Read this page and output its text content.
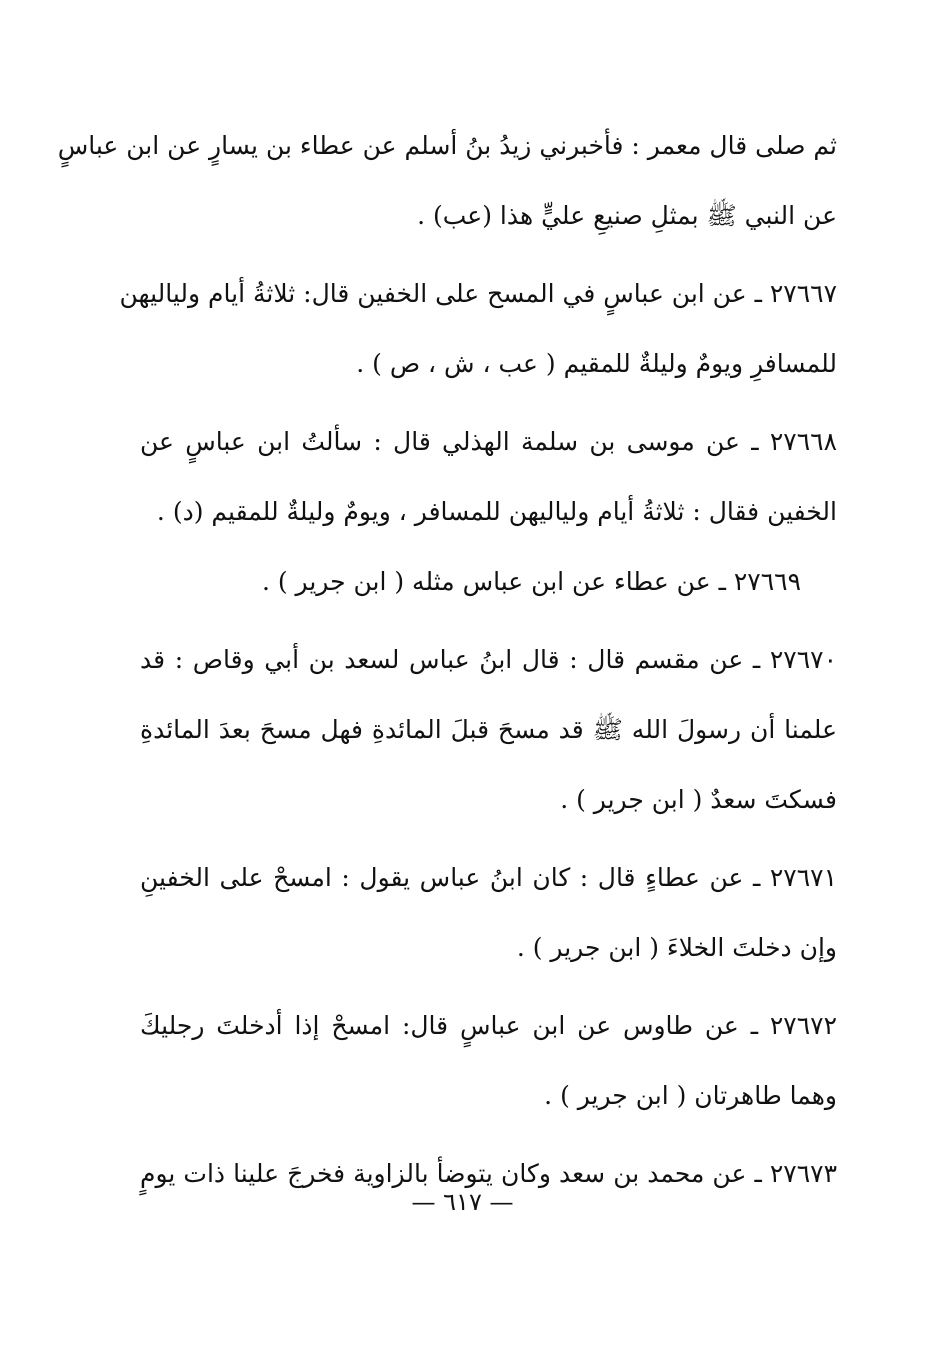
ثم صلى قال معمر : فأخبرني زيدُ بنُ أسلم عن عطاء بن يسارٍ عن ابن عباسٍ
عن النبي ﷺ بمثلِ صنيعِ عليٍّ هذا (عب) .
٢٧٦٦٧ ـ عن ابن عباسٍ في المسح على الخفين قال: ثلاثةُ أيام ولياليهن
للمسافرِ ويومٌ وليلةٌ للمقيم ( عب ، ش ، ص ) .
٢٧٦٦٨ ـ عن موسى بن سلمة الهذلي قال : سألتُ ابن عباسٍ عن
الخفين فقال : ثلاثةُ أيام ولياليهن للمسافر ، ويومٌ وليلةٌ للمقيم (د) .
٢٧٦٦٩ ـ عن عطاء عن ابن عباس مثله ( ابن جرير ) .
٢٧٦٧٠ ـ عن مقسم قال : قال ابنُ عباس لسعد بن أبي وقاص : قد
علمنا أن رسولَ الله ﷺ قد مسحَ قبلَ المائدةِ فهل مسحَ بعدَ المائدةِ
فسكتَ سعدٌ ( ابن جرير ) .
٢٧٦٧١ ـ عن عطاءٍ قال : كان ابنُ عباس يقول : امسحْ على الخفينِ
وإن دخلتَ الخلاءَ ( ابن جرير ) .
٢٧٦٧٢ ـ عن طاوس عن ابن عباسٍ قال: امسحْ إذا أدخلتَ رجليكَ
وهما طاهرتان ( ابن جرير ) .
٢٧٦٧٣ ـ عن محمد بن سعد وكان يتوضأ بالزاوية فخرجَ علينا ذات يومٍ
— ٦١٧ —
